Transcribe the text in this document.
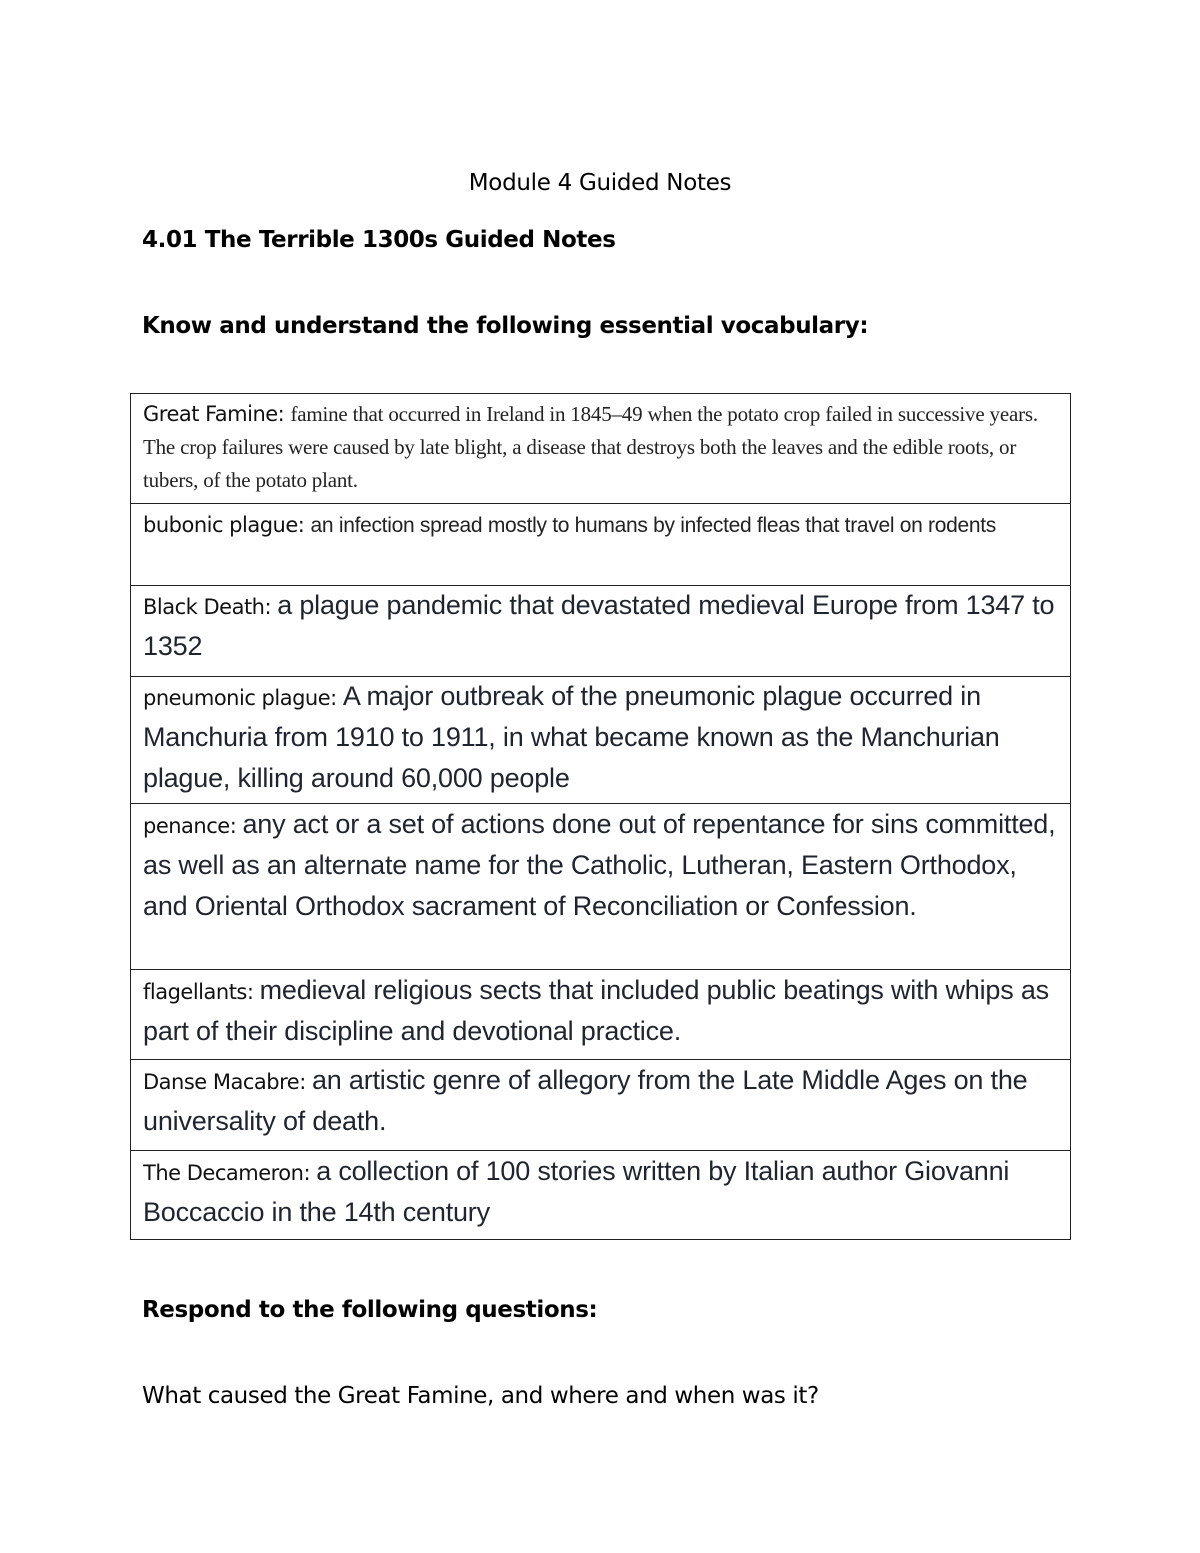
Module 4 Guided Notes
4.01 The Terrible 1300s Guided Notes
Know and understand the following essential vocabulary:
Great Famine: famine that occurred in Ireland in 1845–49 when the potato crop failed in successive years. The crop failures were caused by late blight, a disease that destroys both the leaves and the edible roots, or tubers, of the potato plant.
bubonic plague: an infection spread mostly to humans by infected fleas that travel on rodents
Black Death: a plague pandemic that devastated medieval Europe from 1347 to 1352
pneumonic plague: A major outbreak of the pneumonic plague occurred in Manchuria from 1910 to 1911, in what became known as the Manchurian plague, killing around 60,000 people
penance: any act or a set of actions done out of repentance for sins committed, as well as an alternate name for the Catholic, Lutheran, Eastern Orthodox, and Oriental Orthodox sacrament of Reconciliation or Confession.
flagellants: medieval religious sects that included public beatings with whips as part of their discipline and devotional practice.
Danse Macabre: an artistic genre of allegory from the Late Middle Ages on the universality of death.
The Decameron: a collection of 100 stories written by Italian author Giovanni Boccaccio in the 14th century
Respond to the following questions:
What caused the Great Famine, and where and when was it?
